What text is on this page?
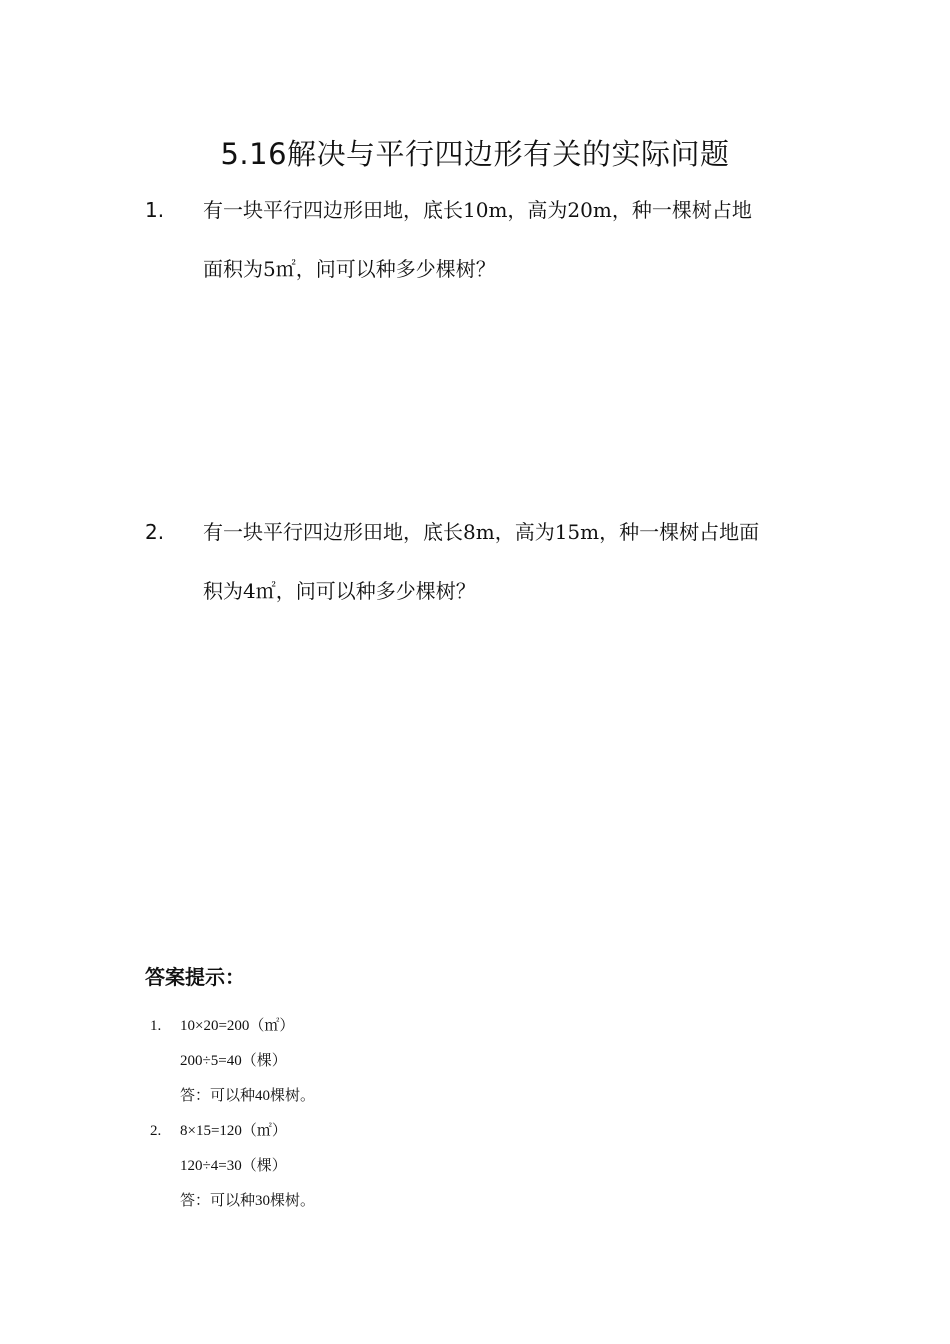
5.16解决与平行四边形有关的实际问题
1. 有一块平行四边形田地，底长10m，高为20m，种一棵树占地
面积为5㎡，问可以种多少棵树？
2. 有一块平行四边形田地，底长8m，高为15m，种一棵树占地面
积为4㎡，问可以种多少棵树？
答案提示：
1. 10×20=200（㎡）
200÷5=40（棵）
答：可以种40棵树。
2. 8×15=120（㎡）
120÷4=30（棵）
答：可以种30棵树。
